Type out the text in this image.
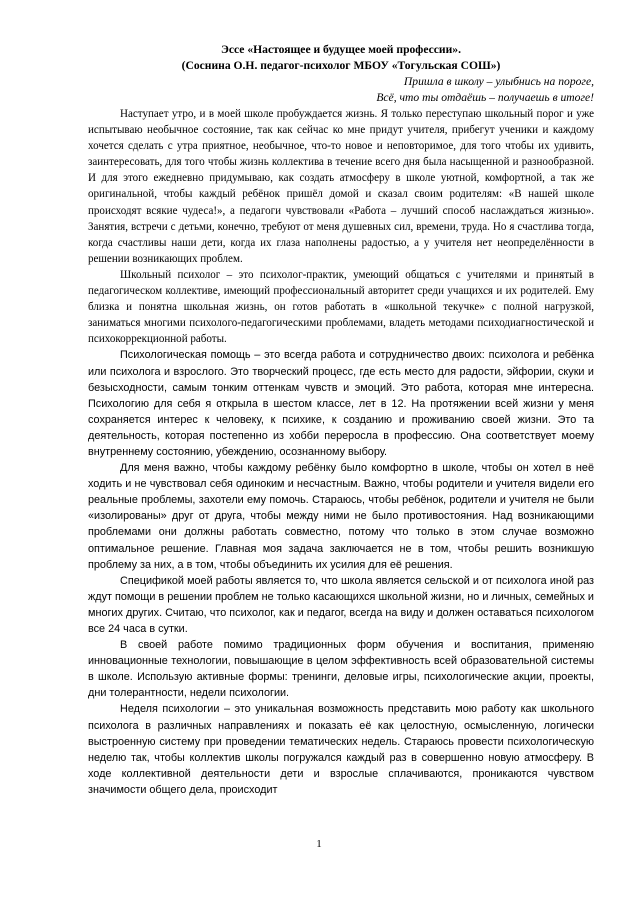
Эссе «Настоящее и будущее моей профессии».

(Соснина О.Н. педагог-психолог МБОУ «Тогульская СОШ»)

Пришла в школу – улыбнись на пороге,

Всё, что ты отдаёшь – получаешь в итоге!

Наступает утро, и в моей школе пробуждается жизнь. Я только переступаю школьный порог и уже испытываю необычное состояние, так как сейчас ко мне придут учителя, прибегут ученики и каждому хочется сделать с утра приятное, необычное, что-то новое и неповторимое, для того чтобы их удивить, заинтересовать, для того чтобы жизнь коллектива в течение всего дня была насыщенной и разнообразной. И для этого ежедневно придумываю, как создать атмосферу в школе уютной, комфортной, а так же оригинальной, чтобы каждый ребёнок пришёл домой и сказал своим родителям: «В нашей школе происходят всякие чудеса!», а педагоги чувствовали «Работа – лучший способ наслаждаться жизнью». Занятия, встречи с детьми, конечно, требуют от меня душевных сил, времени, труда. Но я счастлива тогда, когда счастливы наши дети, когда их глаза наполнены радостью, а у учителя нет неопределённости в решении возникающих проблем.

Школьный психолог – это психолог-практик, умеющий общаться с учителями и принятый в педагогическом коллективе, имеющий профессиональный авторитет среди учащихся и их родителей. Ему близка и понятна школьная жизнь, он готов работать в «школьной текучке» с полной нагрузкой, заниматься многими психолого-педагогическими проблемами, владеть методами психодиагностической и психокоррекционной работы.

Психологическая помощь – это всегда работа и сотрудничество двоих: психолога и ребёнка или психолога и взрослого. Это творческий процесс, где есть место для радости, эйфории, скуки и безысходности, самым тонким оттенкам чувств и эмоций. Это работа, которая мне интересна. Психологию для себя я открыла в шестом классе, лет в 12. На протяжении всей жизни у меня сохраняется интерес к человеку, к психике, к созданию и проживанию своей жизни. Это та деятельность, которая постепенно из хобби переросла в профессию. Она соответствует моему внутреннему состоянию, убеждению, осознанному выбору.

Для меня важно, чтобы каждому ребёнку было комфортно в школе, чтобы он хотел в неё ходить и не чувствовал себя одиноким и несчастным. Важно, чтобы родители и учителя видели его реальные проблемы, захотели ему помочь. Стараюсь, чтобы ребёнок, родители и учителя не были «изолированы» друг от друга, чтобы между ними не было противостояния. Над возникающими проблемами они должны работать совместно, потому что только в этом случае возможно оптимальное решение. Главная моя задача заключается не в том, чтобы решить возникшую проблему за них, а в том, чтобы объединить их усилия для её решения.

Спецификой моей работы является то, что школа является сельской и от психолога иной раз ждут помощи в решении проблем не только касающихся школьной жизни, но и личных, семейных и многих других. Считаю, что психолог, как и педагог, всегда на виду и должен оставаться психологом все 24 часа в сутки.

В своей работе помимо традиционных форм обучения и воспитания, применяю инновационные технологии, повышающие в целом эффективность всей образовательной системы в школе. Использую активные формы: тренинги, деловые игры, психологические акции, проекты, дни толерантности, недели психологии.

Неделя психологии – это уникальная возможность представить мою работу как школьного психолога в различных направлениях и показать её как целостную, осмысленную, логически выстроенную систему при проведении тематических недель. Стараюсь провести психологическую неделю так, чтобы коллектив школы погружался каждый раз в совершенно новую атмосферу. В ходе коллективной деятельности дети и взрослые сплачиваются, проникаются чувством значимости общего дела, происходит

1
